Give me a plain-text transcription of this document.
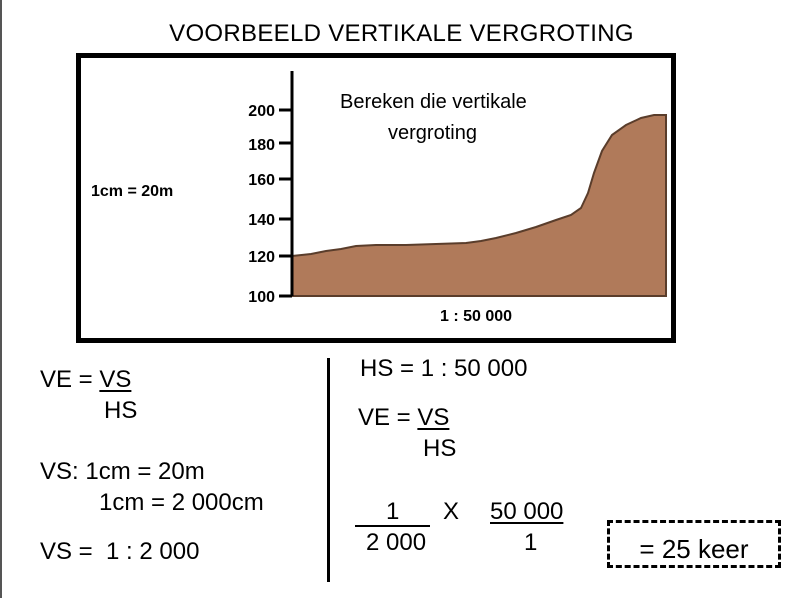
VOORBEELD VERTIKALE VERGROTING
200
180
160
140
120
100
1cm = 20m
1 : 50 000
Bereken die vertikale
vergroting
VE = VS
HS
VS: 1cm = 20m
1cm = 2 000cm
VS =  1 : 2 000
HS = 1 : 50 000
VE = VS
HS
1
2 000
X 50 000
1	= 25 keer
